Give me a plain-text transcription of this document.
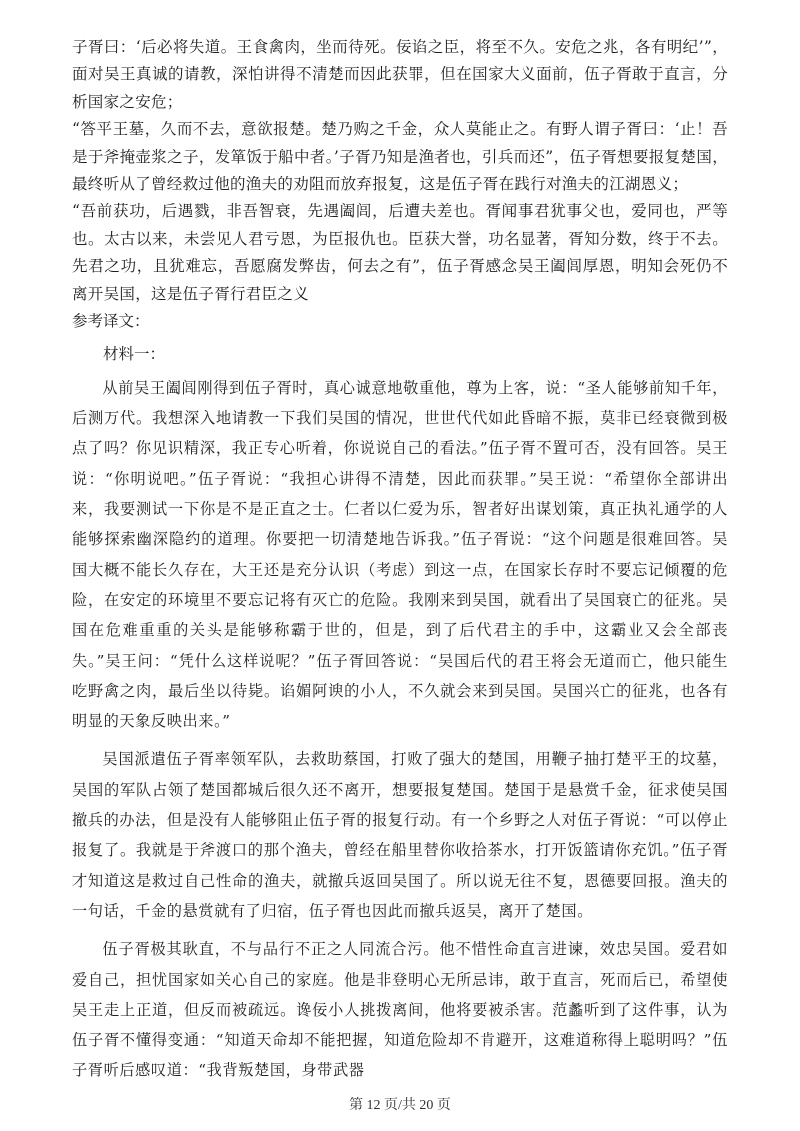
子胥曰：‘后必将失道。王食禽肉，坐而待死。佞谄之臣，将至不久。安危之兆，各有明纪’”，面对吴王真诚的请教，深怕讲得不清楚而因此获罪，但在国家大义面前，伍子胥敢于直言，分析国家之安危；

“答平王墓，久而不去，意欲报楚。楚乃购之千金，众人莫能止之。有野人谓子胥曰：‘止！吾是于斧掩壶浆之子，发箪饭于船中者。’子胥乃知是渔者也，引兵而还”，伍子胥想要报复楚国，最终听从了曾经救过他的渔夫的劝阻而放弃报复，这是伍子胥在践行对渔夫的江湖恩义；

“吾前获功，后遇戮，非吾智衰，先遇阖闾，后遭夫差也。胥闻事君犹事父也，爱同也，严等也。太古以来，未尝见人君亏恩，为臣报仇也。臣获大誉，功名显著，胥知分数，终于不去。先君之功，且犹难忘，吾愿腐发弊齿，何去之有”，伍子胥感念吴王阖闾厚恩，明知会死仍不离开吴国，这是伍子胥行君臣之义

参考译文：

材料一：

从前吴王阖闾刚得到伍子胥时，真心诚意地敬重他，尊为上客，说：“圣人能够前知千年，后测万代。我想深入地请教一下我们吴国的情况，世世代代如此昏暗不振，莫非已经衰微到极点了吗？你见识精深，我正专心听着，你说说自己的看法。”伍子胥不置可否，没有回答。吴王说：“你明说吧。”伍子胥说：“我担心讲得不清楚，因此而获罪。”吴王说：“希望你全部讲出来，我要测试一下你是不是正直之士。仁者以仁爱为乐，智者好出谋划策，真正执礼通学的人能够探索幽深隐约的道理。你要把一切清楚地告诉我。”伍子胥说：“这个问题是很难回答。吴国大概不能长久存在，大王还是充分认识（考虑）到这一点，在国家长存时不要忘记倾覆的危险，在安定的环境里不要忘记将有灭亡的危险。我刚来到吴国，就看出了吴国衰亡的征兆。吴国在危难重重的关头是能够称霸于世的，但是，到了后代君主的手中，这霸业又会全部丧失。”吴王问：“凭什么这样说呢？”伍子胥回答说：“吴国后代的君王将会无道而亡，他只能生吃野禽之肉，最后坐以待毙。谄媚阿谀的小人，不久就会来到吴国。吴国兴亡的征兆，也各有明显的天象反映出来。”

吴国派遣伍子胥率领军队，去救助蔡国，打败了强大的楚国，用鞭子抽打楚平王的坟墓，吴国的军队占领了楚国都城后很久还不离开，想要报复楚国。楚国于是悬赏千金，征求使吴国撤兵的办法，但是没有人能够阻止伍子胥的报复行动。有一个乡野之人对伍子胥说：“可以停止报复了。我就是于斧渡口的那个渔夫，曾经在船里替你收拾茶水，打开饭篮请你充饥。”伍子胥才知道这是救过自己性命的渔夫，就撤兵返回吴国了。所以说无往不复，恩德要回报。渔夫的一句话，千金的悬赏就有了归宿，伍子胥也因此而撤兵返吴，离开了楚国。

伍子胥极其耿直，不与品行不正之人同流合污。他不惜性命直言进谏，效忠吴国。爱君如爱自己，担忧国家如关心自己的家庭。他是非登明心无所忌讳，敢于直言，死而后已，希望使吴王走上正道，但反而被疏远。谗佞小人挑拨离间，他将要被杀害。范蠡听到了这件事，认为伍子胥不懂得变通：“知道天命却不能把握，知道危险却不肯避开，这难道称得上聪明吗？”伍子胥听后感叹道：“我背叛楚国，身带武器

第 12 页/共 20 页
